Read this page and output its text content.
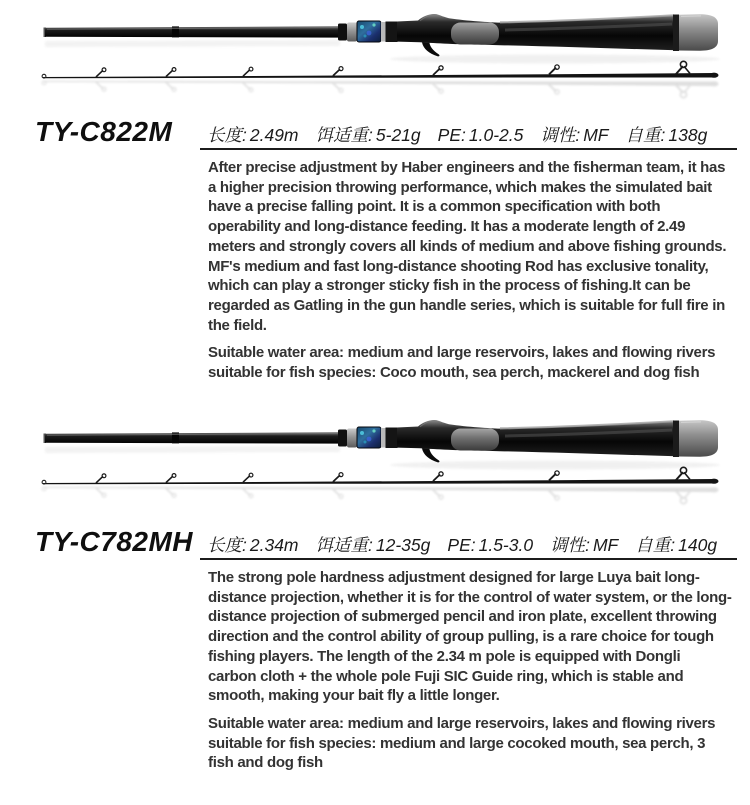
TY-C822M 长度: 2.49m 饵适重: 5-21g PE: 1.0-2.5 调性: MF 自重: 138g

After precise adjustment by Haber engineers and the fisherman team, it has a higher precision throwing performance, which makes the simulated bait have a precise falling point. It is a common specification with both operability and long-distance feeding. It has a moderate length of 2.49 meters and strongly covers all kinds of medium and above fishing grounds. MF's medium and fast long-distance shooting Rod has exclusive tonality, which can play a stronger sticky fish in the process of fishing.It can be regarded as Gatling in the gun handle series, which is suitable for full fire in the field.

Suitable water area: medium and large reservoirs, lakes and flowing rivers suitable for fish species: Coco mouth, sea perch, mackerel and dog fish

TY-C782MH 长度: 2.34m 饵适重: 12-35g PE: 1.5-3.0 调性: MF 自重: 140g

The strong pole hardness adjustment designed for large Luya bait long-distance projection, whether it is for the control of water system, or the long-distance projection of submerged pencil and iron plate, excellent throwing direction and the control ability of group pulling, is a rare choice for tough fishing players. The length of the 2.34 m pole is equipped with Dongli carbon cloth + the whole pole Fuji SIC Guide ring, which is stable and smooth, making your bait fly a little longer.

Suitable water area: medium and large reservoirs, lakes and flowing rivers suitable for fish species: medium and large cocoked mouth, sea perch, 3 fish and dog fish
